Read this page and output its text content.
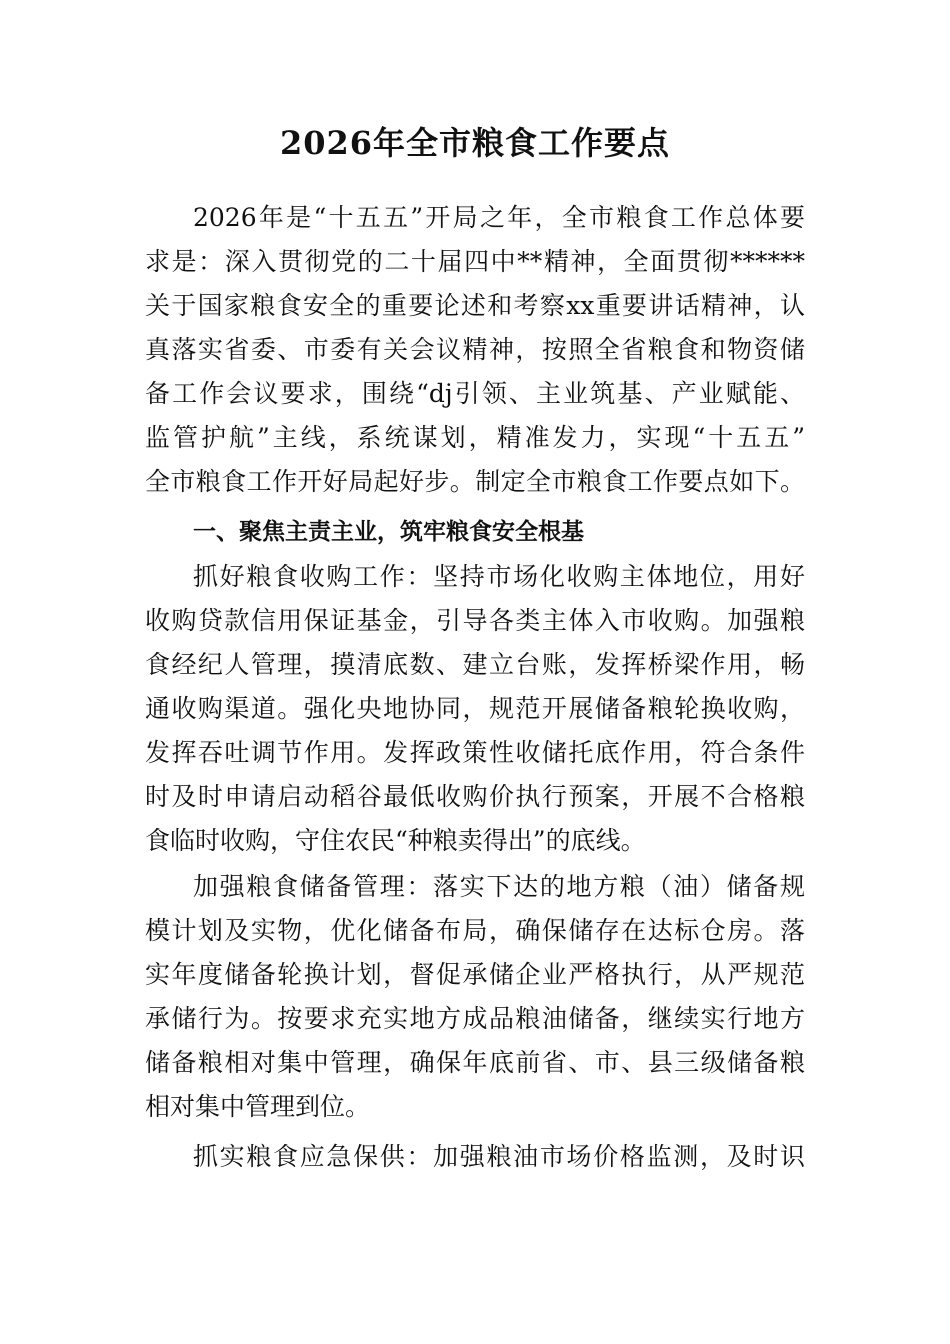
2026年全市粮食工作要点
2026年是“十五五”开局之年，全市粮食工作总体要
求是：深入贯彻党的二十届四中**精神，全面贯彻******
关于国家粮食安全的重要论述和考察xx重要讲话精神，认
真落实省委、市委有关会议精神，按照全省粮食和物资储
备工作会议要求，围绕“dj引领、主业筑基、产业赋能、
监管护航”主线，系统谋划，精准发力，实现“十五五”
全市粮食工作开好局起好步。制定全市粮食工作要点如下。
一、聚焦主责主业，筑牢粮食安全根基
抓好粮食收购工作：坚持市场化收购主体地位，用好
收购贷款信用保证基金，引导各类主体入市收购。加强粮
食经纪人管理，摸清底数、建立台账，发挥桥梁作用，畅
通收购渠道。强化央地协同，规范开展储备粮轮换收购，
发挥吞吐调节作用。发挥政策性收储托底作用，符合条件
时及时申请启动稻谷最低收购价执行预案，开展不合格粮
食临时收购，守住农民“种粮卖得出”的底线。
加强粮食储备管理：落实下达的地方粮（油）储备规
模计划及实物，优化储备布局，确保储存在达标仓房。落
实年度储备轮换计划，督促承储企业严格执行，从严规范
承储行为。按要求充实地方成品粮油储备，继续实行地方
储备粮相对集中管理，确保年底前省、市、县三级储备粮
相对集中管理到位。
抓实粮食应急保供：加强粮油市场价格监测，及时识
